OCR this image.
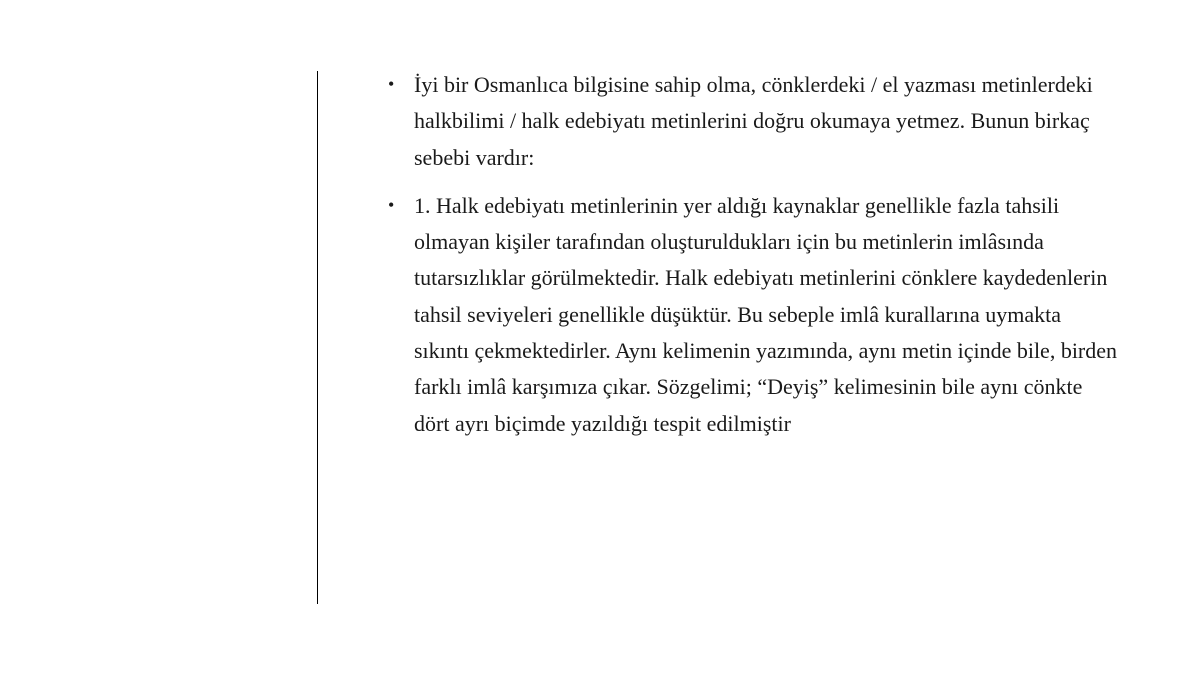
• İyi bir Osmanlıca bilgisine sahip olma, cönklerdeki / el yazması metinlerdeki halkbilimi / halk edebiyatı metinlerini doğru okumaya yetmez. Bunun birkaç sebebi vardır:
• 1. Halk edebiyatı metinlerinin yer aldığı kaynaklar genellikle fazla tahsili olmayan kişiler tarafından oluşturuldukları için bu metinlerin imlâsında tutarsızlıklar görülmektedir. Halk edebiyatı metinlerini cönklere kaydedenlerin tahsil seviyeleri genellikle düşüktür. Bu sebeple imlâ kurallarına uymakta sıkıntı çekmektedirler. Aynı kelimenin yazımında, aynı metin içinde bile, birden farklı imlâ karşımıza çıkar. Sözgelimi; “Deyiş” kelimesinin bile aynı cönkte dört ayrı biçimde yazıldığı tespit edilmiştir
